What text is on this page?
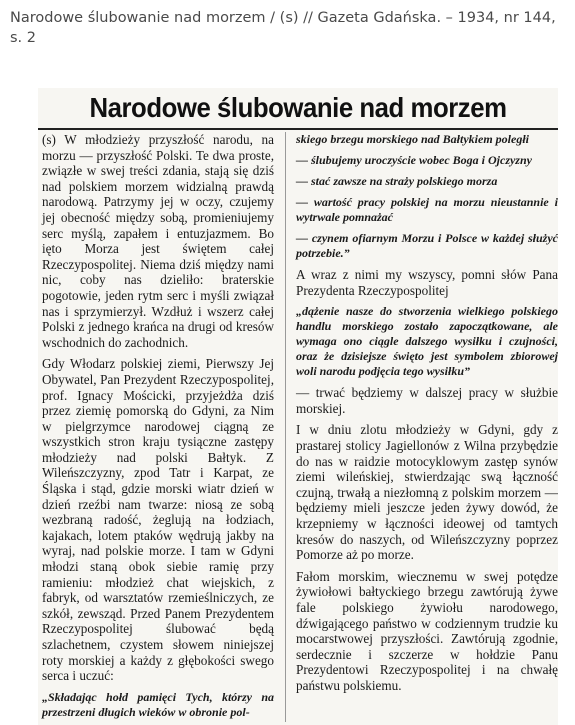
Narodowe ślubowanie nad morzem / (s) // Gazeta Gdańska. – 1934, nr 144, s. 2
Narodowe ślubowanie nad morzem

(s) W młodzieży przyszłość narodu, na morzu — przyszłość Polski. Te dwa proste, związłe w swej treści zdania, stają się dziś nad polskiem morzem widzialną prawdą narodową. Patrzymy jej w oczy, czujemy jej obecność między sobą, promieniujemy serc myślą, zapałem i entuzjazmem. Bo ięto Morza jest świętem całej Rzeczypospolitej. Niema dziś między nami nic, coby nas dzieliło: braterskie pogotowie, jeden rytm serc i myśli związał nas i sprzymierzył. Wzdłuż i wszerz całej Polski z jednego krańca na drugi od kresów wschodnich do zachodnich.

Gdy Włodarz polskiej ziemi, Pierwszy Jej Obywatel, Pan Prezydent Rzeczypospolitej, prof. Ignacy Mościcki, przyjeżdża dziś przez ziemię pomorską do Gdyni, za Nim w pielgrzymce narodowej ciągną ze wszystkich stron kraju tysiączne zastępy młodzieży nad polski Bałtyk. Z Wileńszczyzny, zpod Tatr i Karpat, ze Śląska i stąd, gdzie morski wiatr dzień w dzień rzeźbi nam twarze: niosą ze sobą wezbraną radość, żeglują na łodziach, kajakach, lotem ptaków wędrują jakby na wyraj, nad polskie morze. I tam w Gdyni młodzi staną obok siebie ramię przy ramieniu: młodzież chat wiejskich, z fabryk, od warsztatów rzemieślniczych, ze szkół, zewsząd. Przed Panem Prezydentem Rzeczypospolitej ślubować będą szlachetnem, czystem słowem niniejszej roty morskiej a każdy z głębokości swego serca i uczuć:

„Składając hołd pamięci Tych, którzy na przestrzeni długich wieków w obronie pol-

skiego brzegu morskiego nad Bałtykiem poległi

— ślubujemy uroczyście wobec Boga i Ojczyzny

— stać zawsze na straży polskiego morza

— wartość pracy polskiej na morzu nieustannie i wytrwale pomnażać

— czynem ofiarnym Morzu i Polsce w każdej służyć potrzebie.”

A wraz z nimi my wszyscy, pomni słów Pana Prezydenta Rzeczypospolitej

„dążenie nasze do stworzenia wielkiego polskiego handlu morskiego zostało zapoczątkowane, ale wymaga ono ciągle dalszego wysiłku i czujności, oraz że dzisiejsze święto jest symbolem zbiorowej woli narodu podjęcia tego wysiłku”

— trwać będziemy w dalszej pracy w służbie morskiej.

I w dniu zlotu młodzieży w Gdyni, gdy z prastarej stolicy Jagiellonów z Wilna przybędzie do nas w raidzie motocyklowym zastęp synów ziemi wileńskiej, stwierdzając swą łączność czujną, trwałą a niezłomną z polskim morzem — będziemy mieli jeszcze jeden żywy dowód, że krzepniemy w łączności ideowej od tamtych kresów do naszych, od Wileńszczyzny poprzez Pomorze aż po morze.

Fałom morskim, wiecznemu w swej potędze żywiołowi bałtyckiego brzegu zawtórują żywe fale polskiego żywiołu narodowego, dźwigającego państwo w codziennym trudzie ku mocarstwowej przyszłości. Zawtórują zgodnie, serdecznie i szczerze w hołdzie Panu Prezydentowi Rzeczypospolitej i na chwałę państwu polskiemu.
